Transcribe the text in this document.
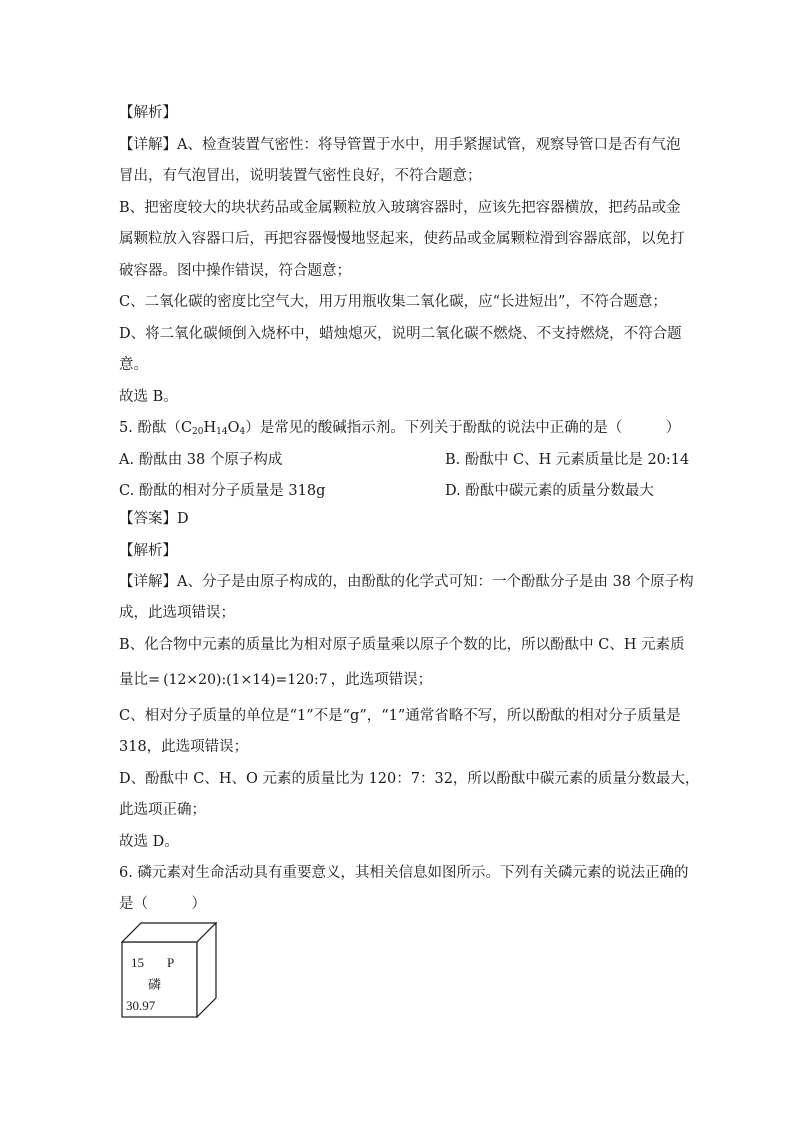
【解析】
【详解】A、检查装置气密性：将导管置于水中，用手紧握试管，观察导管口是否有气泡
冒出，有气泡冒出，说明装置气密性良好，不符合题意；
B、把密度较大的块状药品或金属颗粒放入玻璃容器时，应该先把容器横放，把药品或金
属颗粒放入容器口后，再把容器慢慢地竖起来，使药品或金属颗粒滑到容器底部，以免打
破容器。图中操作错误，符合题意；
C、二氧化碳的密度比空气大，用万用瓶收集二氧化碳，应“长进短出”，不符合题意；
D、将二氧化碳倾倒入烧杯中，蜡烛熄灭，说明二氧化碳不燃烧、不支持燃烧，不符合题
意。
故选 B。
5. 酚酞$(C_{20}H_{14}O_4)$是常见的酸碱指示剂。下列关于酚酞的说法中正确的是（　　　）
A. 酚酞由 38 个原子构成	B. 酚酞中 C、H 元素质量比是 20:14
C. 酚酞的相对分子质量是 318g	D. 酚酞中碳元素的质量分数最大
【答案】D
【解析】
【详解】A、分子是由原子构成的，由酚酞的化学式可知：一个酚酞分子是由 38 个原子构
成，此选项错误；
B、化合物中元素的质量比为相对原子质量乘以原子个数的比，所以酚酞中 C、H 元素质
量比= (12×20):(1×14)=120:7 ，此选项错误；
C、相对分子质量的单位是“1”不是“g”，“1”通常省略不写，所以酚酞的相对分子质量是
318，此选项错误；
D、酚酞中 C、H、O 元素的质量比为 120：7：32，所以酚酞中碳元素的质量分数最大，
此选项正确；
故选 D。
6. 磷元素对生命活动具有重要意义，其相关信息如图所示。下列有关磷元素的说法正确的
是（　　　）
15 P
磷
30.97
